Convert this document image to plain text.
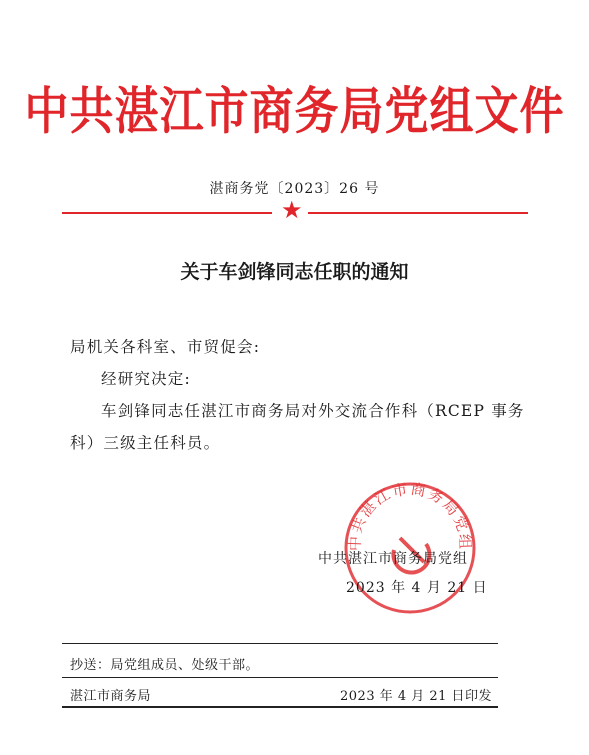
中共湛江市商务局党组文件
湛商务党〔2023〕26 号
★
关于车剑锋同志任职的通知
局机关各科室、市贸促会:
经研究决定:
车剑锋同志任湛江市商务局对外交流合作科（RCEP 事务
科）三级主任科员。
中共湛江市商务局党组
中共湛江市商务局党组
2023 年 4 月 21 日
抄送：局党组成员、处级干部。
湛江市商务局	2023 年 4 月 21 日印发
